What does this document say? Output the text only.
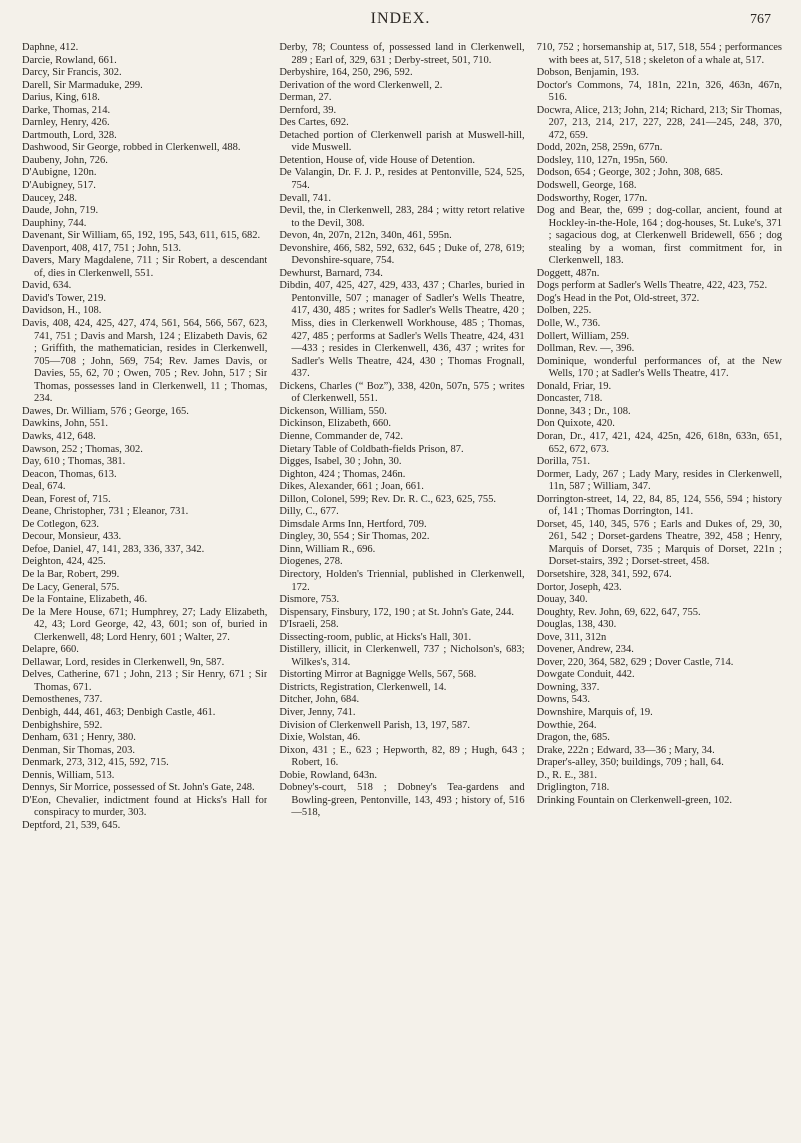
INDEX.	767

Daphne, 412.

Darcie, Rowland, 661.

Darcy, Sir Francis, 302.

Darell, Sir Marmaduke, 299.

Darius, King, 618.

Darke, Thomas, 214.

Darnley, Henry, 426.

Dartmouth, Lord, 328.

Dashwood, Sir George, robbed in Clerkenwell, 488.

Daubeny, John, 726.

D'Aubigne, 120n.

D'Aubigney, 517.

Daucey, 248.

Daude, John, 719.

Dauphiny, 744.

Davenant, Sir William, 65, 192, 195, 543, 611, 615, 682.

Davenport, 408, 417, 751 ; John, 513.

Davers, Mary Magdalene, 711 ; Sir Robert, a descendant of, dies in Clerkenwell, 551.

David, 634.

David's Tower, 219.

Davidson, H., 108.

Davis, 408, 424, 425, 427, 474, 561, 564, 566, 567, 623, 741, 751 ; Davis and Marsh, 124 ; Elizabeth Davis, 62 ; Griffith, the mathematician, resides in Clerkenwell, 705—708 ; John, 569, 754; Rev. James Davis, or Davies, 55, 62, 70 ; Owen, 705 ; Rev. John, 517 ; Sir Thomas, possesses land in Clerkenwell, 11 ; Thomas, 234.

Dawes, Dr. William, 576 ; George, 165.

Dawkins, John, 551.

Dawks, 412, 648.

Dawson, 252 ; Thomas, 302.

Day, 610 ; Thomas, 381.

Deacon, Thomas, 613.

Deal, 674.

Dean, Forest of, 715.

Deane, Christopher, 731 ; Eleanor, 731.

De Cotlegon, 623.

Decour, Monsieur, 433.

Defoe, Daniel, 47, 141, 283, 336, 337, 342.

Deighton, 424, 425.

De la Bar, Robert, 299.

De Lacy, General, 575.

De la Fontaine, Elizabeth, 46.

De la Mere House, 671; Humphrey, 27; Lady Elizabeth, 42, 43; Lord George, 42, 43, 601; son of, buried in Clerkenwell, 48; Lord Henry, 601 ; Walter, 27.

Delapre, 660.

Dellawar, Lord, resides in Clerkenwell, 9n, 587.

Delves, Catherine, 671 ; John, 213 ; Sir Henry, 671 ; Sir Thomas, 671.

Demosthenes, 737.

Denbigh, 444, 461, 463; Denbigh Castle, 461.

Denbighshire, 592.

Denham, 631 ; Henry, 380.

Denman, Sir Thomas, 203.

Denmark, 273, 312, 415, 592, 715.

Dennis, William, 513.

Dennys, Sir Morrice, possessed of St. John's Gate, 248.

D'Eon, Chevalier, indictment found at Hicks's Hall for conspiracy to murder, 303.

Deptford, 21, 539, 645.

Derby, 78; Countess of, possessed land in Clerkenwell, 289 ; Earl of, 329, 631 ; Derby-street, 501, 710.

Derbyshire, 164, 250, 296, 592.

Derivation of the word Clerkenwell, 2.

Derman, 27.

Dernford, 39.

Des Cartes, 692.

Detached portion of Clerkenwell parish at Muswell-hill, vide Muswell.

Detention, House of, vide House of Detention.

De Valangin, Dr. F. J. P., resides at Pentonville, 524, 525, 754.

Devall, 741.

Devil, the, in Clerkenwell, 283, 284 ; witty retort relative to the Devil, 308.

Devon, 4n, 207n, 212n, 340n, 461, 595n.

Devonshire, 466, 582, 592, 632, 645 ; Duke of, 278, 619; Devonshire-square, 754.

Dewhurst, Barnard, 734.

Dibdin, 407, 425, 427, 429, 433, 437 ; Charles, buried in Pentonville, 507 ; manager of Sadler's Wells Theatre, 417, 430, 485 ; writes for Sadler's Wells Theatre, 420 ; Miss, dies in Clerkenwell Workhouse, 485 ; Thomas, 427, 485 ; performs at Sadler's Wells Theatre, 424, 431—433 ; resides in Clerkenwell, 436, 437 ; writes for Sadler's Wells Theatre, 424, 430 ; Thomas Frognall, 437.

Dickens, Charles (“ Boz”), 338, 420n, 507n, 575 ; writes of Clerkenwell, 551.

Dickenson, William, 550.

Dickinson, Elizabeth, 660.

Dienne, Commander de, 742.

Dietary Table of Coldbath-fields Prison, 87.

Digges, Isabel, 30 ; John, 30.

Dighton, 424 ; Thomas, 246n.

Dikes, Alexander, 661 ; Joan, 661.

Dillon, Colonel, 599; Rev. Dr. R. C., 623, 625, 755.

Dilly, C., 677.

Dimsdale Arms Inn, Hertford, 709.

Dingley, 30, 554 ; Sir Thomas, 202.

Dinn, William R., 696.

Diogenes, 278.

Directory, Holden's Triennial, published in Clerkenwell, 172.

Dismore, 753.

Dispensary, Finsbury, 172, 190 ; at St. John's Gate, 244.

D'Israeli, 258.

Dissecting-room, public, at Hicks's Hall, 301.

Distillery, illicit, in Clerkenwell, 737 ; Nicholson's, 683; Wilkes's, 314.

Distorting Mirror at Bagnigge Wells, 567, 568.

Districts, Registration, Clerkenwell, 14.

Ditcher, John, 684.

Diver, Jenny, 741.

Division of Clerkenwell Parish, 13, 197, 587.

Dixie, Wolstan, 46.

Dixon, 431 ; E., 623 ; Hepworth, 82, 89 ; Hugh, 643 ; Robert, 16.

Dobie, Rowland, 643n.

Dobney's-court, 518 ; Dobney's Tea-gardens and Bowling-green, Pentonville, 143, 493 ; history of, 516—518,

710, 752 ; horsemanship at, 517, 518, 554 ; performances with bees at, 517, 518 ; skeleton of a whale at, 517.

Dobson, Benjamin, 193.

Doctor's Commons, 74, 181n, 221n, 326, 463n, 467n, 516.

Docwra, Alice, 213; John, 214; Richard, 213; Sir Thomas, 207, 213, 214, 217, 227, 228, 241—245, 248, 370, 472, 659.

Dodd, 202n, 258, 259n, 677n.

Dodsley, 110, 127n, 195n, 560.

Dodson, 654 ; George, 302 ; John, 308, 685.

Dodswell, George, 168.

Dodsworthy, Roger, 177n.

Dog and Bear, the, 699 ; dog-collar, ancient, found at Hockley-in-the-Hole, 164 ; dog-houses, St. Luke's, 371 ; sagacious dog, at Clerkenwell Bridewell, 656 ; dog stealing by a woman, first commitment for, in Clerkenwell, 183.

Doggett, 487n.

Dogs perform at Sadler's Wells Theatre, 422, 423, 752.

Dog's Head in the Pot, Old-street, 372.

Dolben, 225.

Dolle, W., 736.

Dollert, William, 259.

Dollman, Rev. —, 396.

Dominique, wonderful performances of, at the New Wells, 170 ; at Sadler's Wells Theatre, 417.

Donald, Friar, 19.

Doncaster, 718.

Donne, 343 ; Dr., 108.

Don Quixote, 420.

Doran, Dr., 417, 421, 424, 425n, 426, 618n, 633n, 651, 652, 672, 673.

Dorilla, 751.

Dormer, Lady, 267 ; Lady Mary, resides in Clerkenwell, 11n, 587 ; William, 347.

Dorrington-street, 14, 22, 84, 85, 124, 556, 594 ; history of, 141 ; Thomas Dorrington, 141.

Dorset, 45, 140, 345, 576 ; Earls and Dukes of, 29, 30, 261, 542 ; Dorset-gardens Theatre, 392, 458 ; Henry, Marquis of Dorset, 735 ; Marquis of Dorset, 221n ; Dorset-stairs, 392 ; Dorset-street, 458.

Dorsetshire, 328, 341, 592, 674.

Dortor, Joseph, 423.

Douay, 340.

Doughty, Rev. John, 69, 622, 647, 755.

Douglas, 138, 430.

Dove, 311, 312n

Dovener, Andrew, 234.

Dover, 220, 364, 582, 629 ; Dover Castle, 714.

Dowgate Conduit, 442.

Downing, 337.

Downs, 543.

Downshire, Marquis of, 19.

Dowthie, 264.

Dragon, the, 685.

Drake, 222n ; Edward, 33—36 ; Mary, 34.

Draper's-alley, 350; buildings, 709 ; hall, 64.

D., R. E., 381.

Driglington, 718.

Drinking Fountain on Clerkenwell-green, 102.
